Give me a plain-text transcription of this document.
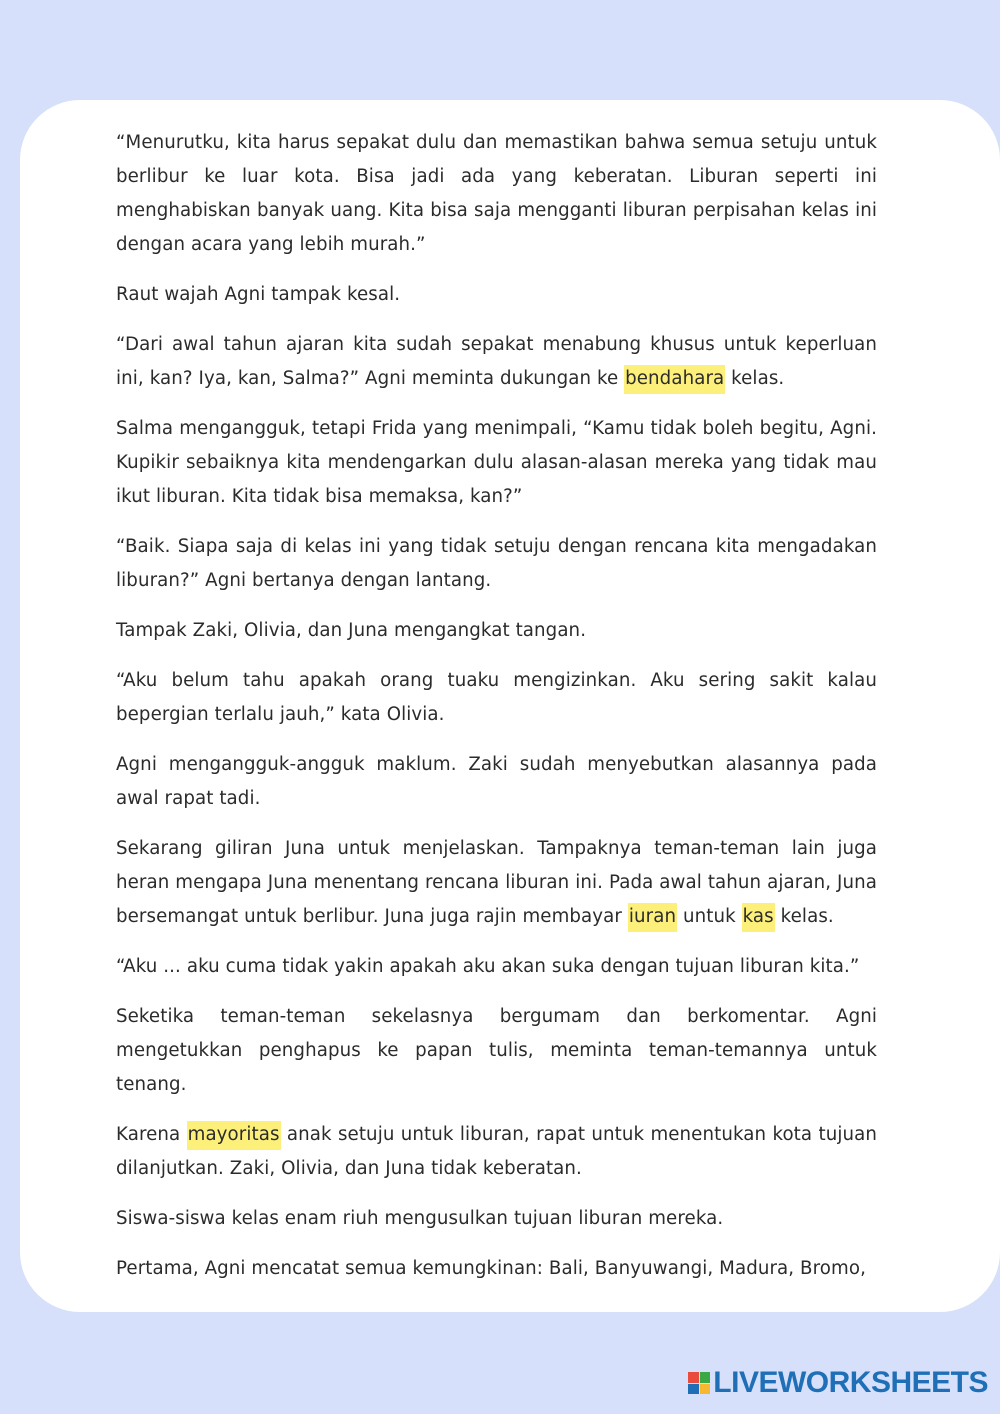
“Menurutku, kita harus sepakat dulu dan memastikan bahwa semua setuju untuk berlibur ke luar kota. Bisa jadi ada yang keberatan. Liburan seperti ini menghabiskan banyak uang. Kita bisa saja mengganti liburan perpisahan kelas ini dengan acara yang lebih murah.”

Raut wajah Agni tampak kesal.

“Dari awal tahun ajaran kita sudah sepakat menabung khusus untuk keperluan ini, kan? Iya, kan, Salma?” Agni meminta dukungan ke bendahara kelas.

Salma mengangguk, tetapi Frida yang menimpali, “Kamu tidak boleh begitu, Agni. Kupikir sebaiknya kita mendengarkan dulu alasan-alasan mereka yang tidak mau ikut liburan. Kita tidak bisa memaksa, kan?”

“Baik. Siapa saja di kelas ini yang tidak setuju dengan rencana kita mengadakan liburan?” Agni bertanya dengan lantang.

Tampak Zaki, Olivia, dan Juna mengangkat tangan.

“Aku belum tahu apakah orang tuaku mengizinkan. Aku sering sakit kalau bepergian terlalu jauh,” kata Olivia.

Agni mengangguk-angguk maklum. Zaki sudah menyebutkan alasannya pada awal rapat tadi.

Sekarang giliran Juna untuk menjelaskan. Tampaknya teman-teman lain juga heran mengapa Juna menentang rencana liburan ini. Pada awal tahun ajaran, Juna bersemangat untuk berlibur. Juna juga rajin membayar iuran untuk kas kelas.

“Aku ... aku cuma tidak yakin apakah aku akan suka dengan tujuan liburan kita.”

Seketika teman-teman sekelasnya bergumam dan berkomentar. Agni mengetukkan penghapus ke papan tulis, meminta teman-temannya untuk tenang.

Karena mayoritas anak setuju untuk liburan, rapat untuk menentukan kota tujuan dilanjutkan. Zaki, Olivia, dan Juna tidak keberatan.

Siswa-siswa kelas enam riuh mengusulkan tujuan liburan mereka.

Pertama, Agni mencatat semua kemungkinan: Bali, Banyuwangi, Madura, Bromo,

LIVEWORKSHEETS
